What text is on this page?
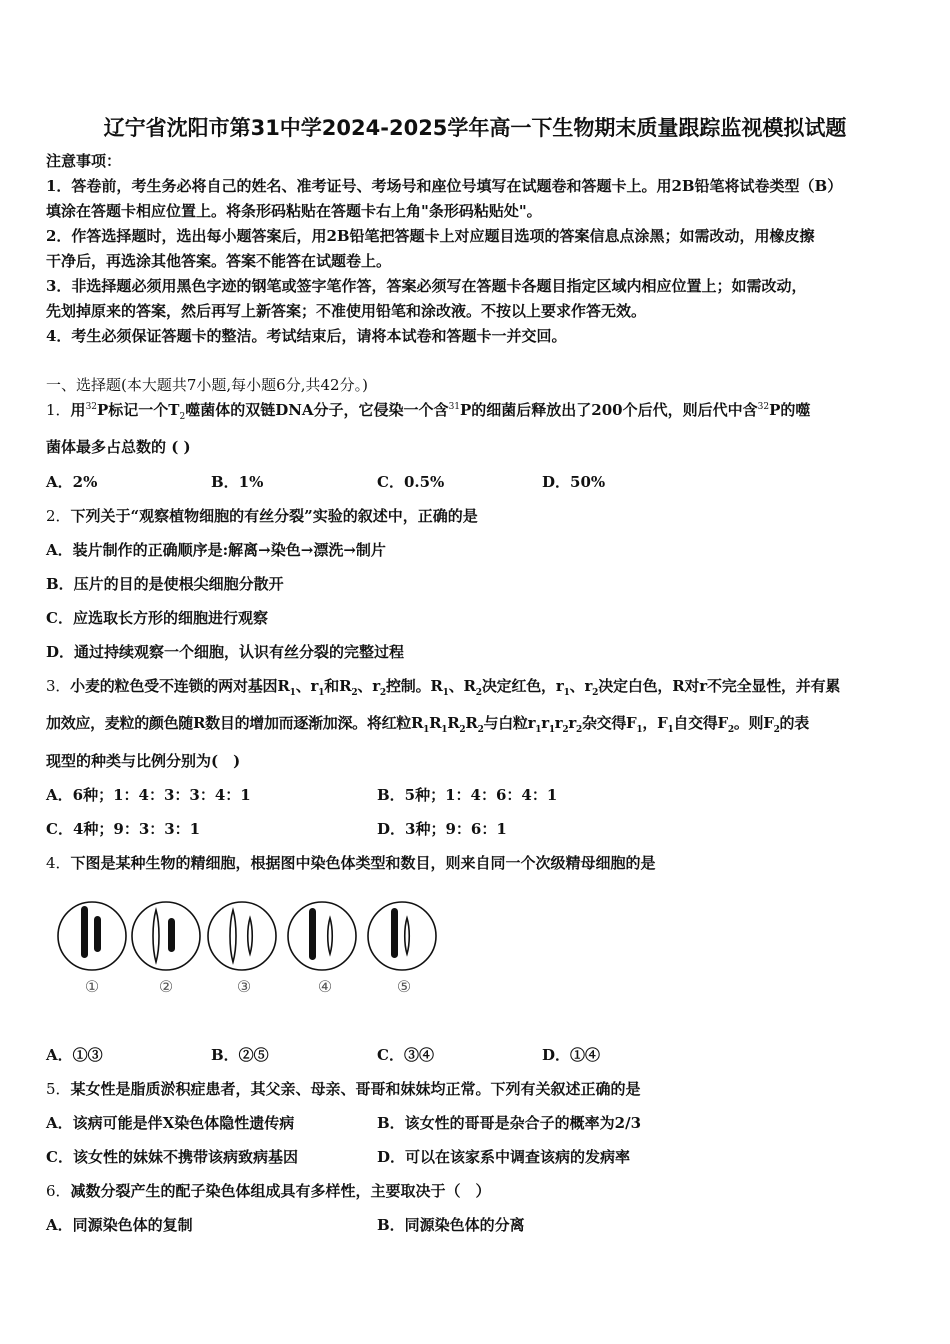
辽宁省沈阳市第31中学2024-2025学年高一下生物期末质量跟踪监视模拟试题
注意事项：
1．答卷前，考生务必将自己的姓名、准考证号、考场号和座位号填写在试题卷和答题卡上。用2B铅笔将试卷类型（B）
填涂在答题卡相应位置上。将条形码粘贴在答题卡右上角"条形码粘贴处"。
2．作答选择题时，选出每小题答案后，用2B铅笔把答题卡上对应题目选项的答案信息点涂黑；如需改动，用橡皮擦
干净后，再选涂其他答案。答案不能答在试题卷上。
3．非选择题必须用黑色字迹的钢笔或签字笔作答，答案必须写在答题卡各题目指定区域内相应位置上；如需改动，
先划掉原来的答案，然后再写上新答案；不准使用铅笔和涂改液。不按以上要求作答无效。
4．考生必须保证答题卡的整洁。考试结束后，请将本试卷和答题卡一并交回。
一、选择题(本大题共7小题,每小题6分,共42分。)
1．用$^{32}$P标记一个$T_2$噬菌体的双链DNA分子，它侵染一个含$^{31}$P的细菌后释放出了200个后代，则后代中含$^{32}$P的噬
菌体最多占总数的 ( )
A．2%	B．1%	C．0.5%	D．50%
2．下列关于“观察植物细胞的有丝分裂”实验的叙述中，正确的是
A．装片制作的正确顺序是:解离→染色→漂洗→制片
B．压片的目的是使根尖细胞分散开
C．应选取长方形的细胞进行观察
D．通过持续观察一个细胞，认识有丝分裂的完整过程
3．小麦的粒色受不连锁的两对基因$R_1$、$r_1$和$R_2$、$r_2$控制。$R_1$、$R_2$决定红色，$r_1$、$r_2$决定白色，R对r不完全显性，并有累
加效应，麦粒的颜色随R数目的增加而逐渐加深。将红粒$R_1R_1R_2R_2$与白粒$r_1r_1r_2r_2$杂交得$F_1$，$F_1$自交得$F_2$。则$F_2$的表
现型的种类与比例分别为(　)
A．6种；1：4：3：3：4：1	B．5种；1：4：6：4：1
C．4种；9：3：3：1	D．3种；9：6：1
4．下图是某种生物的精细胞，根据图中染色体类型和数目，则来自同一个次级精母细胞的是
①	②	③	④	⑤
A．①③	B．②⑤	C．③④	D．①④
5．某女性是脂质淤积症患者，其父亲、母亲、哥哥和妹妹均正常。下列有关叙述正确的是
A．该病可能是伴X染色体隐性遗传病	B．该女性的哥哥是杂合子的概率为2/3
C．该女性的妹妹不携带该病致病基因	D．可以在该家系中调查该病的发病率
6．减数分裂产生的配子染色体组成具有多样性，主要取决于（　）
A．同源染色体的复制	B．同源染色体的分离
